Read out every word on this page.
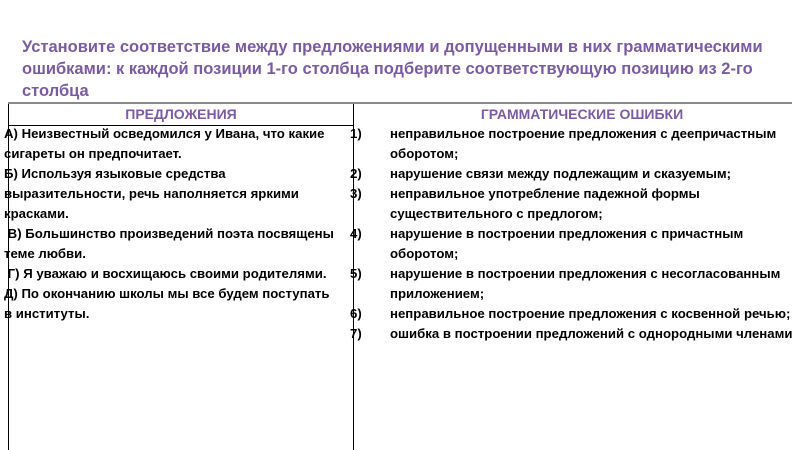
Установите соответствие между предложениями и допущенными в них грамматическими ошибками: к каждой позиции 1-го столбца подберите соответствующую позицию из 2-го столбца
ПРЕДЛОЖЕНИЯ	ГРАММАТИЧЕСКИЕ ОШИБКИ
А) Неизвестный осведомился у Ивана, что какие сигареты он предпочитает.
Б) Используя языковые средства выразительности, речь наполняется яркими красками.
В) Большинство произведений поэта посвящены теме любви.
Г) Я уважаю и восхищаюсь своими родителями.
Д) По окончанию школы мы все будем поступать в институты.
1) неправильное построение предложения с деепричастным оборотом;
2) нарушение связи между подлежащим и сказуемым;
3) неправильное употребление падежной формы существительного с предлогом;
4) нарушение в построении предложения с причастным оборотом;
5) нарушение в построении предложения с несогласованным приложением;
6) неправильное построение предложения с косвенной речью;
7) ошибка в построении предложений с однородными членами
